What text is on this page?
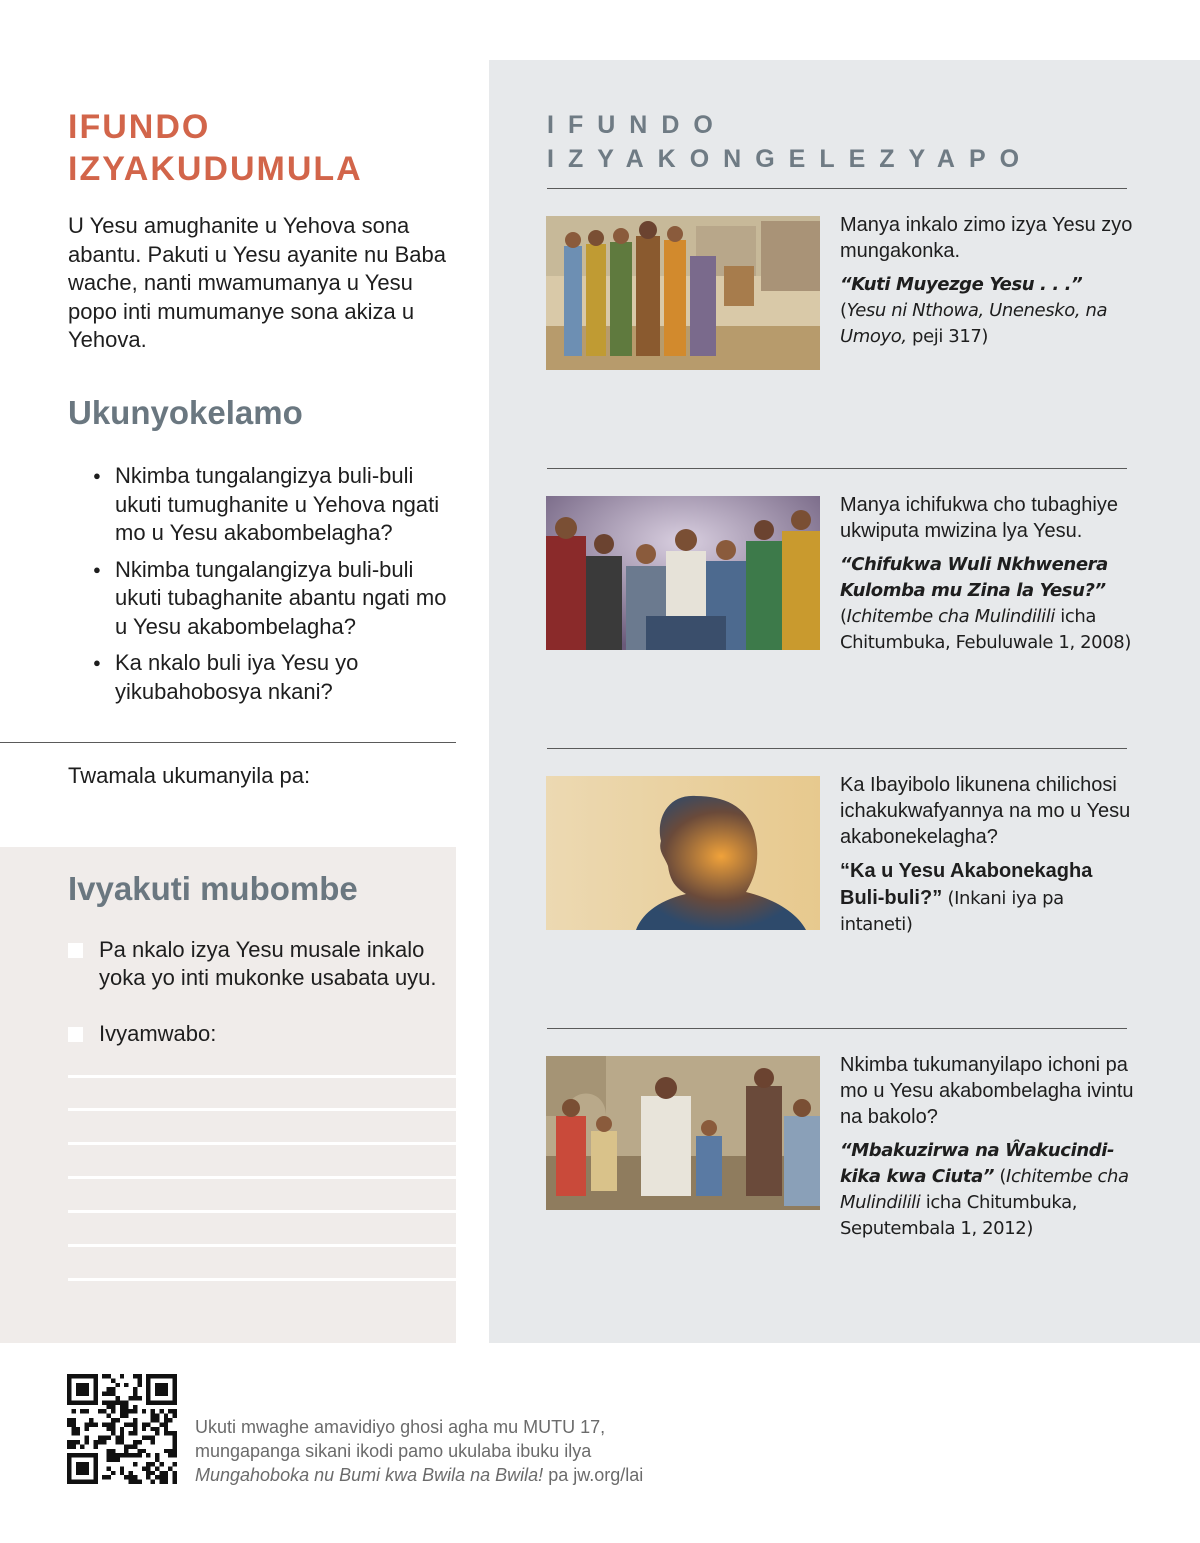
IFUNDO
IZYAKUDUMULA

U Yesu amughanite u Yehova sona abantu. Pakuti u Yesu ayanite nu Baba wache, nanti mwamumanya u Yesu popo inti mumumanye sona akiza u Yehova.

Ukunyokelamo
● Nkimba tungalangizya buli-buli ukuti tumughanite u Yehova ngati mo u Yesu akabombelagha?
● Nkimba tungalangizya buli-buli ukuti tubaghanite abantu ngati mo u Yesu akabombelagha?
● Ka nkalo buli iya Yesu yo yikubahobosya nkani?

Twamala ukumanyila pa:

Ivyakuti mubombe
Pa nkalo izya Yesu musale inkalo yoka yo inti mukonke usabata uyu.
Ivyamwabo:
IFUNDO
IZYAKONGELEZYAPO
Manya inkalo zimo izya Yesu zyo mungakonka.
“Kuti Muyezge Yesu . . .”
(Yesu ni Nthowa, Unenesko, na Umoyo, peji 317)
Manya ichifukwa cho tubaghiye ukwiputa mwizina lya Yesu.
“Chifukwa Wuli Nkhwenera Kulomba mu Zina la Yesu?” (Ichitembe cha Mulindilili icha Chitumbuka, Febuluwale 1, 2008)
Ka Ibayibolo likunena chilichosi ichakukwafyannya na mo u Yesu akabonekelagha?
“Ka u Yesu Akabonekagha Buli-buli?” (Inkani iya pa intaneti)
Nkimba tukumanyilapo ichoni pa mo u Yesu akabombelagha ivintu na bakolo?
“Mbakuzirwa na Ŵakucindikika kwa Ciuta” (Ichitembe cha Mulindilili icha Chitumbuka, Seputembala 1, 2012)

Ukuti mwaghe amavidiyo ghosi agha mu MUTU 17,
mungapanga sikani ikodi pamo ukulaba ibuku ilya
Mungahoboka nu Bumi kwa Bwila na Bwila! pa jw.org/lai
